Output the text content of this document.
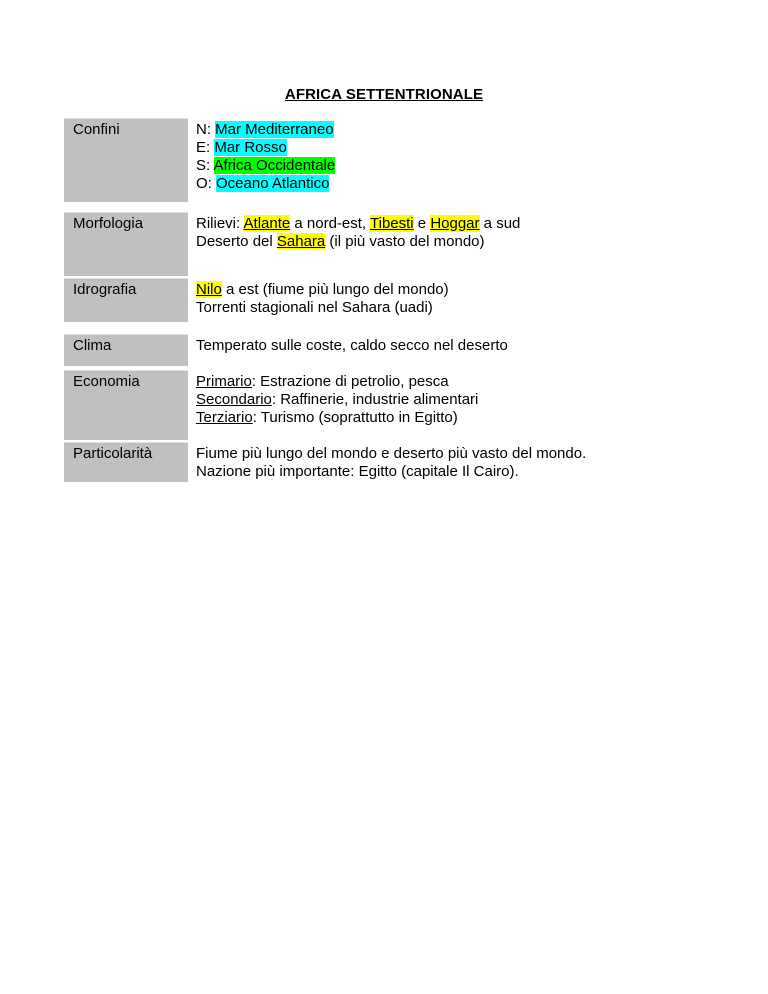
AFRICA SETTENTRIONALE
Confini	N: Mar Mediterraneo
E: Mar Rosso
S: Africa Occidentale
O: Oceano Atlantico
Morfologia	Rilievi: Atlante a nord-est, Tibesti e Hoggar a sud
Deserto del Sahara (il più vasto del mondo)
Idrografia	Nilo a est (fiume più lungo del mondo)
Torrenti stagionali nel Sahara (uadi)
Clima	Temperato sulle coste, caldo secco nel deserto
Economia	Primario: Estrazione di petrolio, pesca
Secondario: Raffinerie, industrie alimentari
Terziario: Turismo (soprattutto in Egitto)
Particolarità	Fiume più lungo del mondo e deserto più vasto del mondo.
Nazione più importante: Egitto (capitale Il Cairo).
